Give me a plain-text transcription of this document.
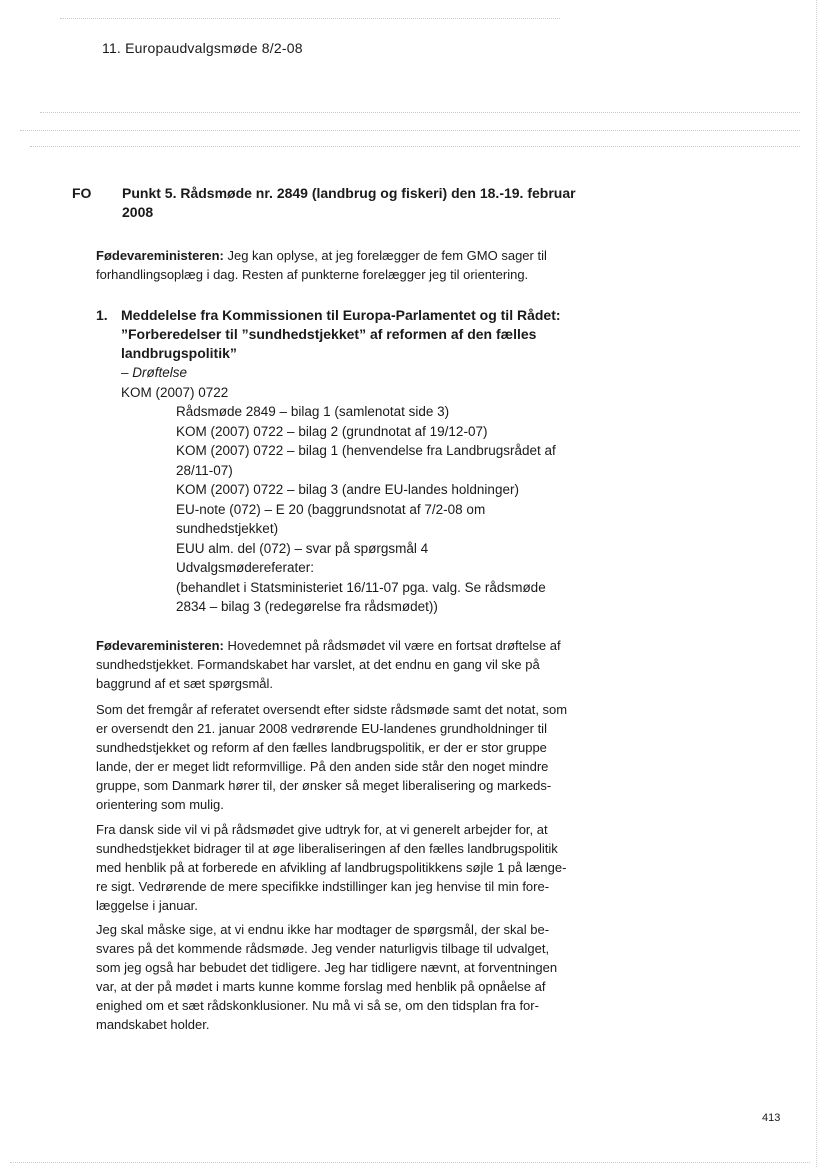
11. Europaudvalgsmøde 8/2-08
FO Punkt 5. Rådsmøde nr. 2849 (landbrug og fiskeri) den 18.-19. februar
2008
Fødevareministeren: Jeg kan oplyse, at jeg forelægger de fem GMO sager til forhandlingsoplæg i dag. Resten af punkterne forelægger jeg til orientering.
1. Meddelelse fra Kommissionen til Europa-Parlamentet og til Rådet:
”Forberedelser til ”sundhedstjekket” af reformen af den fælles
landbrugspolitik”
– Drøftelse
KOM (2007) 0722
Rådsmøde 2849 – bilag 1 (samlenotat side 3)
KOM (2007) 0722 – bilag 2 (grundnotat af 19/12-07)
KOM (2007) 0722 – bilag 1 (henvendelse fra Landbrugsrådet af
28/11-07)
KOM (2007) 0722 – bilag 3 (andre EU-landes holdninger)
EU-note (072) – E 20 (baggrundsnotat af 7/2-08 om
sundhedstjekket)
EUU alm. del (072) – svar på spørgsmål 4
Udvalgsmødereferater:
(behandlet i Statsministeriet 16/11-07 pga. valg. Se rådsmøde
2834 – bilag 3 (redegørelse fra rådsmødet))
Fødevareministeren: Hovedemnet på rådsmødet vil være en fortsat drøftelse af sundhedstjekket. Formandskabet har varslet, at det endnu en gang vil ske på baggrund af et sæt spørgsmål.
Som det fremgår af referatet oversendt efter sidste rådsmøde samt det notat, som er oversendt den 21. januar 2008 vedrørende EU-landenes grundholdninger til sundhedstjekket og reform af den fælles landbrugspolitik, er der er stor gruppe lande, der er meget lidt reformvillige. På den anden side står den noget mindre gruppe, som Danmark hører til, der ønsker så meget liberalisering og markeds-orientering som mulig.
Fra dansk side vil vi på rådsmødet give udtryk for, at vi generelt arbejder for, at sundhedstjekket bidrager til at øge liberaliseringen af den fælles landbrugspolitik med henblik på at forberede en afvikling af landbrugspolitikkens søjle 1 på længe-re sigt. Vedrørende de mere specifikke indstillinger kan jeg henvise til min fore-læggelse i januar.
Jeg skal måske sige, at vi endnu ikke har modtager de spørgsmål, der skal be-svares på det kommende rådsmøde. Jeg vender naturligvis tilbage til udvalget, som jeg også har bebudet det tidligere. Jeg har tidligere nævnt, at forventningen var, at der på mødet i marts kunne komme forslag med henblik på opnåelse af enighed om et sæt rådskonklusioner. Nu må vi så se, om den tidsplan fra for-mandskabet holder.
413
